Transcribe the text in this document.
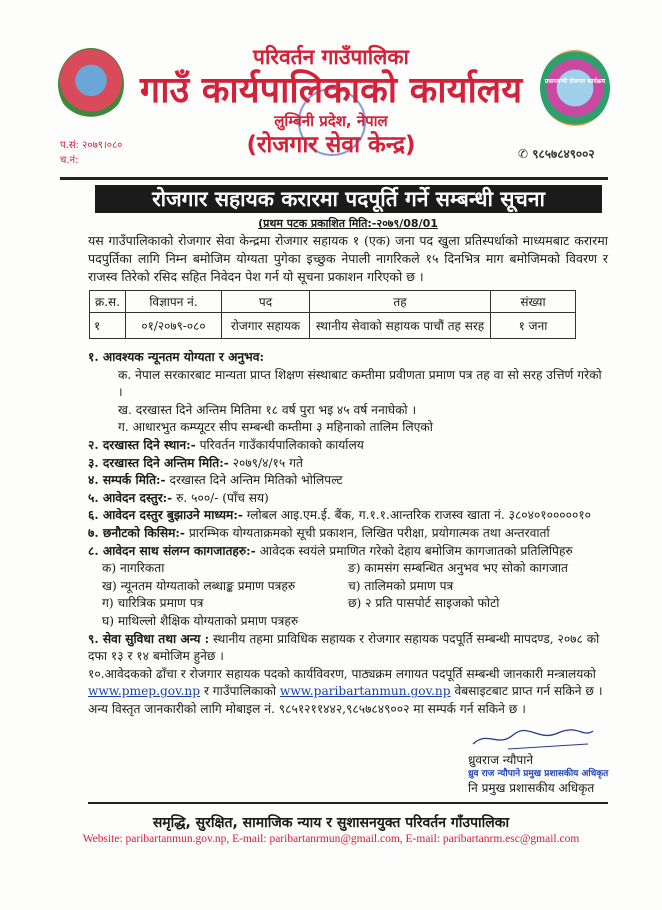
प्रधानमन्त्री रोजगार कार्यक्रम
परिवर्तन गाउँपालिका
गाउँ कार्यपालिकाको कार्यालय
लुम्बिनी प्रदेश, नेपाल
(रोजगार सेवा केन्द्र)
प.सं: २०७९।०८०
च.नं:	✆ ९८५७८४९००२
रोजगार सहायक करारमा पदपूर्ति गर्ने सम्बन्धी सूचना
(प्रथम पटक प्रकाशित मिति:-२०७९/08/01
यस गाउँपालिकाको रोजगार सेवा केन्द्रमा रोजगार सहायक १ (एक) जना पद खुला प्रतिस्पर्धाको माध्यमबाट करारमा पदपुर्तिका लागि निम्न बमोजिम योग्यता पुगेका इच्छुक नेपाली नागरिकले १५ दिनभित्र माग बमोजिमको विवरण र राजस्व तिरेको रसिद सहित निवेदन पेश गर्न यो सूचना प्रकाशन गरिएको छ ।
क्र.स.	विज्ञापन नं.	पद	तह	संख्या
१	०१/२०७९-०८०	रोजगार सहायक	स्थानीय सेवाको सहायक पाचौं तह सरह	१ जना
१. आवश्यक न्यूनतम योग्यता र अनुभव:
क. नेपाल सरकारबाट मान्यता प्राप्त शिक्षण संस्थाबाट कम्तीमा प्रवीणता प्रमाण पत्र तह वा सो सरह उत्तिर्ण गरेको ।
ख. दरखास्त दिने अन्तिम मितिमा १८ वर्ष पुरा भइ ४५ वर्ष ननाघेको ।
ग. आधारभुत कम्प्यूटर सीप सम्बन्धी कम्तीमा ३ महिनाको तालिम लिएको
२. दरखास्त दिने स्थान:- परिवर्तन गाउँकार्यपालिकाको कार्यालय
३. दरखास्त दिने अन्तिम मिति:- २०७९/४/१५ गते
४. सम्पर्क मिति:- दरखास्त दिने अन्तिम मितिको भोलिपल्ट
५. आवेदन दस्तुर:- रु. ५००/- (पाँच सय)
६. आवेदन दस्तुर बुझाउने माध्यम:- ग्लोबल आइ.एम.ई. बैंक, ग.१.१.आन्तरिक राजस्व खाता नं. ३८०४०१०००००१०
७. छनौटको किसिम:- प्रारम्भिक योग्यताक्रमको सूची प्रकाशन, लिखित परीक्षा, प्रयोगात्मक तथा अन्तरवार्ता
८. आवेदन साथ संलग्न कागजातहरु:- आवेदक स्वयंले प्रमाणित गरेको देहाय बमोजिम कागजातको प्रतिलिपिहरु
क) नागरिकता	ङ) कामसंग सम्बन्धित अनुभव भए सोको कागजात
ख) न्यूनतम योग्यताको लब्धाङ्क प्रमाण पत्रहरु	च) तालिमको प्रमाण पत्र
ग) चारित्रिक प्रमाण पत्र	छ) २ प्रति पासपोर्ट साइजको फोटो
घ) माथिल्लो शैक्षिक योग्यताको प्रमाण पत्रहरु
९. सेवा सुविधा तथा अन्य : स्थानीय तहमा प्राविधिक सहायक र रोजगार सहायक पदपूर्ति सम्बन्धी मापदण्ड, २०७८ को दफा १३ र १४ बमोजिम हुनेछ ।
१०.आवेदकको ढाँचा र रोजगार सहायक पदको कार्यविवरण, पाठ्यक्रम लगायत पदपूर्ति सम्बन्धी जानकारी मन्त्रालयको www.pmep.gov.np र गाउँपालिकाको www.paribartanmun.gov.np वेबसाइटबाट प्राप्त गर्न सकिने छ । अन्य विस्तृत जानकारीको लागि मोबाइल नं. ९८५१२११४४२,९८५७८४९००२ मा सम्पर्क गर्न सकिने छ ।
ध्रुवराज न्यौपाने
ध्रुव राज न्यौपाने प्रमुख प्रशासकीय अधिकृत
नि प्रमुख प्रशासकीय अधिकृत
समृद्धि, सुरक्षित, सामाजिक न्याय र सुशासनयुक्त परिवर्तन गाँउपालिका
Website: paribartanmun.gov.np, E-mail: paribartanrmun@gmail.com, E-mail: paribartanrm.esc@gmail.com
